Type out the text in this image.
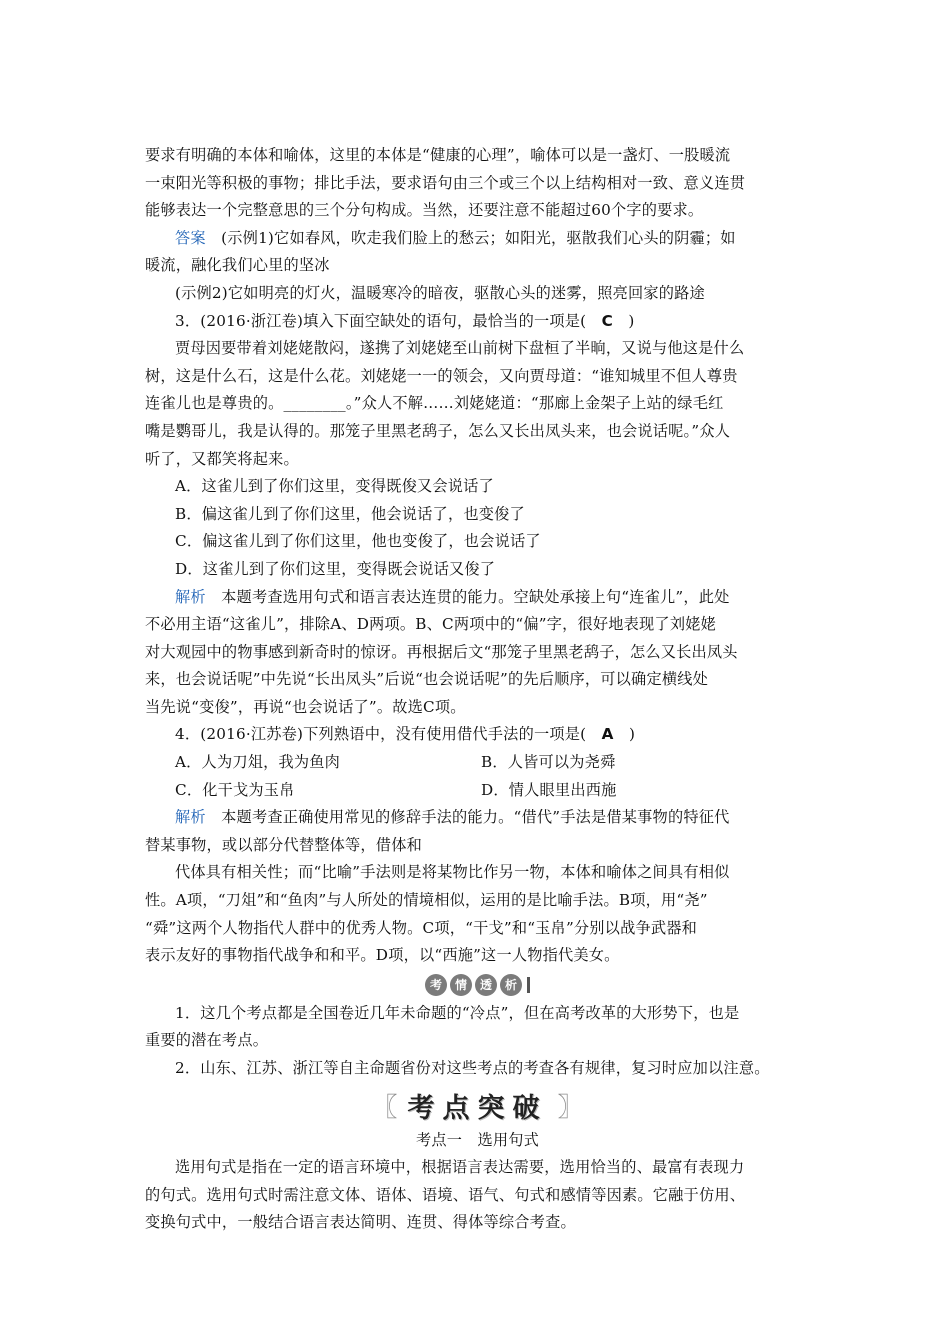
要求有明确的本体和喻体，这里的本体是“健康的心理”，喻体可以是一盏灯、一股暖流

一束阳光等积极的事物；排比手法，要求语句由三个或三个以上结构相对一致、意义连贯

能够表达一个完整意思的三个分句构成。当然，还要注意不能超过60个字的要求。

答案　(示例1)它如春风，吹走我们脸上的愁云；如阳光，驱散我们心头的阴霾；如

暖流，融化我们心里的坚冰

(示例2)它如明亮的灯火，温暖寒冷的暗夜，驱散心头的迷雾，照亮回家的路途

3．(2016·浙江卷)填入下面空缺处的语句，最恰当的一项是(　 C　 )

贾母因要带着刘姥姥散闷，遂携了刘姥姥至山前树下盘桓了半晌，又说与他这是什么

树，这是什么石，这是什么花。刘姥姥一一的领会，又向贾母道：“谁知城里不但人尊贵

连雀儿也是尊贵的。________。”众人不解……刘姥姥道：“那廊上金架子上站的绿毛红

嘴是鹦哥儿，我是认得的。那笼子里黑老鸹子，怎么又长出凤头来，也会说话呢。”众人

听了，又都笑将起来。

A．这雀儿到了你们这里，变得既俊又会说话了

B．偏这雀儿到了你们这里，他会说话了，也变俊了

C．偏这雀儿到了你们这里，他也变俊了，也会说话了

D．这雀儿到了你们这里，变得既会说话又俊了

解析　本题考查选用句式和语言表达连贯的能力。空缺处承接上句“连雀儿”，此处

不必用主语“这雀儿”，排除A、D两项。B、C两项中的“偏”字，很好地表现了刘姥姥

对大观园中的物事感到新奇时的惊讶。再根据后文“那笼子里黑老鸹子，怎么又长出凤头

来，也会说话呢”中先说“长出凤头”后说“也会说话呢”的先后顺序，可以确定横线处

当先说“变俊”，再说“也会说话了”。故选C项。

4．(2016·江苏卷)下列熟语中，没有使用借代手法的一项是(　 A　 )

A．人为刀俎，我为鱼肉	B．人皆可以为尧舜

C．化干戈为玉帛	D．情人眼里出西施

解析　本题考查正确使用常见的修辞手法的能力。“借代”手法是借某事物的特征代

替某事物，或以部分代替整体等，借体和

代体具有相关性；而“比喻”手法则是将某物比作另一物，本体和喻体之间具有相似

性。A项，“刀俎”和“鱼肉”与人所处的情境相似，运用的是比喻手法。B项，用“尧”

“舜”这两个人物指代人群中的优秀人物。C项，“干戈”和“玉帛”分别以战争武器和

表示友好的事物指代战争和和平。D项，以“西施”这一人物指代美女。

考	情	透	析

1．这几个考点都是全国卷近几年未命题的“冷点”，但在高考改革的大形势下，也是

重要的潜在考点。

2．山东、江苏、浙江等自主命题省份对这些考点的考查各有规律，复习时应加以注意。

〖 考点突破 〗

考点一　选用句式

选用句式是指在一定的语言环境中，根据语言表达需要，选用恰当的、最富有表现力

的句式。选用句式时需注意文体、语体、语境、语气、句式和感情等因素。它融于仿用、

变换句式中，一般结合语言表达简明、连贯、得体等综合考查。
